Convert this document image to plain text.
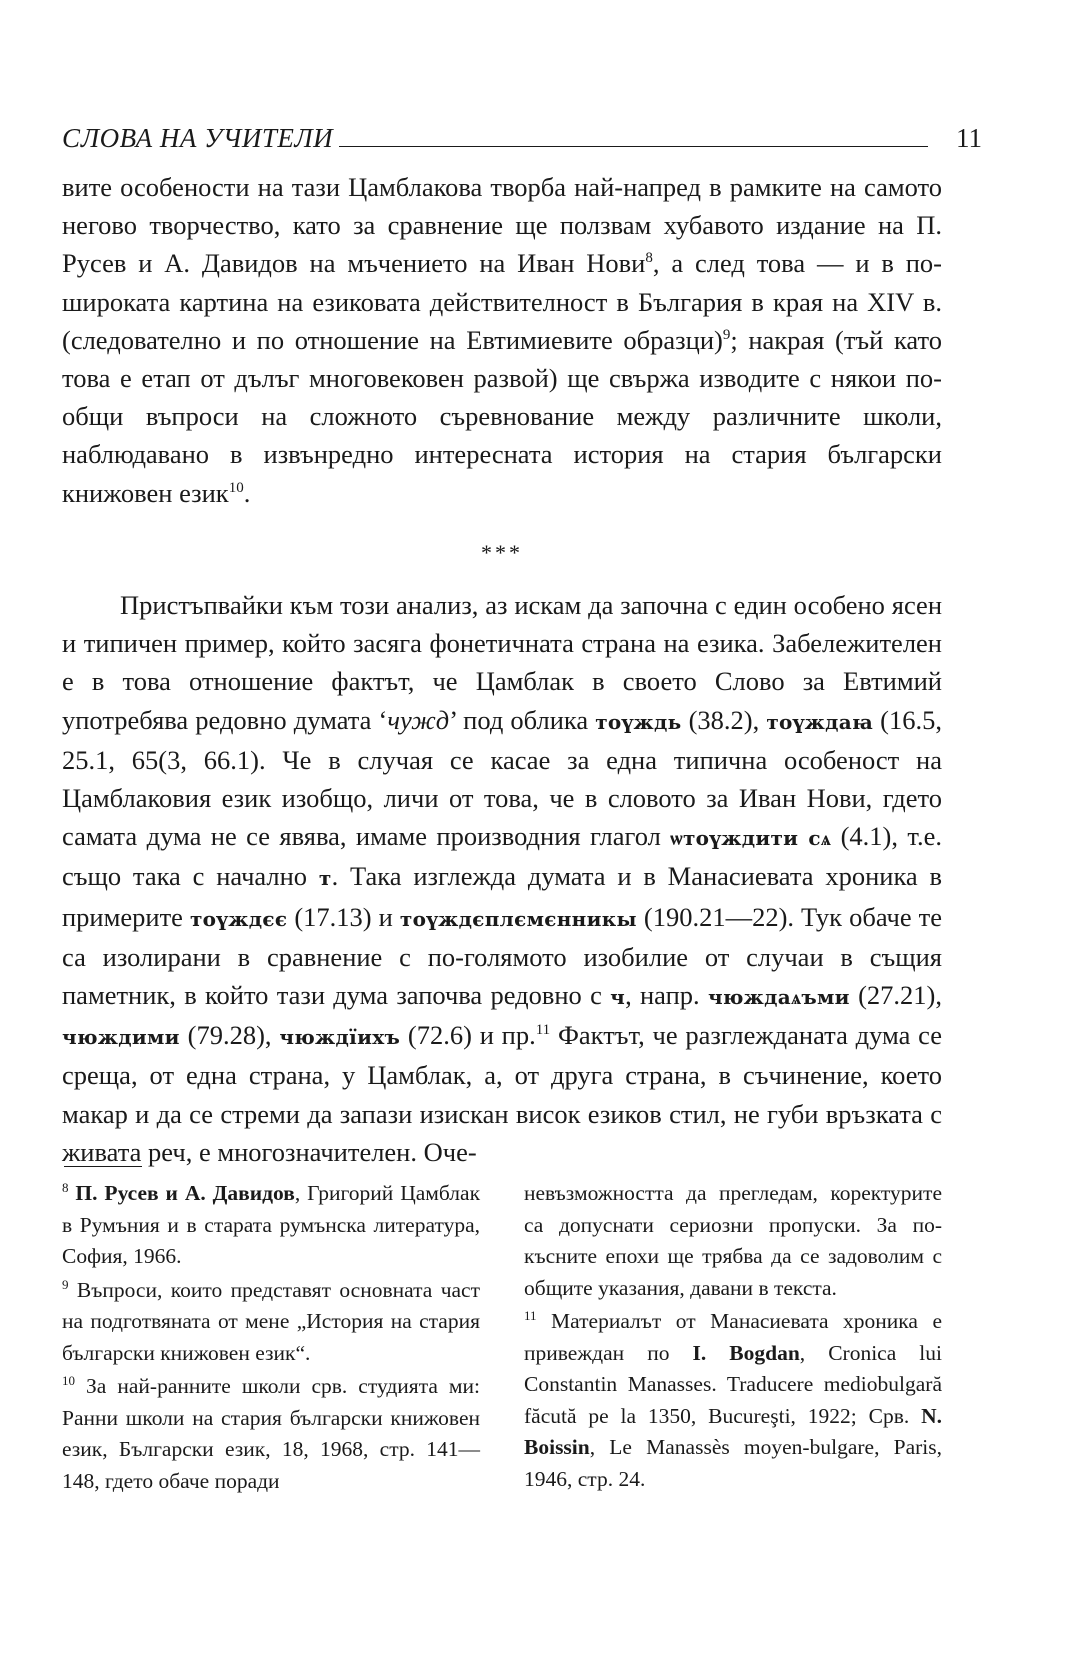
СЛОВА НА УЧИТЕЛИ	11

вите особености на тази Цамблакова творба най-напред в рамките на самото негово творчество, като за сравнение ще ползвам хубавото издание на П. Русев и А. Давидов на мъчението на Иван Нови$^8$, а след това — и в по-широката картина на езиковата действителност в България в края на XIV в. (следователно и по отношение на Евтимиевите образци)$^9$; накрая (тъй като това е етап от дълъг многовековен развой) ще свържа изводите с някои по-общи въпроси на сложното съревнование между различните школи, наблюдавано в извънредно интересната история на стария български книжовен език$^{10}$.

***

Пристъпвайки към този анализ, аз искам да започна с един особено ясен и типичен пример, който засяга фонетичната страна на езика. Забележителен е в това отношение фактът, че Цамблак в своето Слово за Евтимий употребява редовно думата ‘чужд’ под облика тоүждь (38.2), тоүждаꙗ (16.5, 25.1, 65(3, 66.1). Че в случая се касае за една типична особеност на Цамблаковия език изобщо, личи от това, че в словото за Иван Нови, гдето самата дума не се явява, имаме производния глагол ѡтоүждити сѧ (4.1), т.е. също така с начално т. Така изглежда думата и в Манасиевата хроника в примерите тоүждєє (17.13) и тоүждєплємєнникы (190.21—22). Тук обаче те са изолирани в сравнение с по-голямото изобилие от случаи в същия паметник, в който тази дума започва редовно с ч, напр. чюждаѧъми (27.21), чюждими (79.28), чюждїихъ (72.6) и пр.$^{11}$ Фактът, че разглежданата дума се среща, от една страна, у Цамблак, а, от друга страна, в съчинение, което макар и да се стреми да запази изискан висок езиков стил, не губи връзката с живата реч, е многозначителен. Оче-

$^8$ П. Русев и А. Давидов, Григорий Цамблак в Румъния и в старата румънска литература, София, 1966.

$^9$ Въпроси, които представят основната част на подготвяната от мене „История на стария български книжовен език“.

$^{10}$ За най-ранните школи срв. студията ми: Ранни школи на стария български книжовен език, Български език, 18, 1968, стр. 141—148, гдето обаче поради

невъзможността да прегледам, коректурите са допуснати сериозни пропуски. За по-късните епохи ще трябва да се задоволим с общите указания, давани в текста.

$^{11}$ Материалът от Манасиевата хроника е привеждан по I. Bogdan, Cronica lui Constantin Manasses. Traducere mediobulgară făcută pe la 1350, Bucureşti, 1922; Срв. N. Boissin, Le Manassès moyen-bulgare, Paris, 1946, стр. 24.
